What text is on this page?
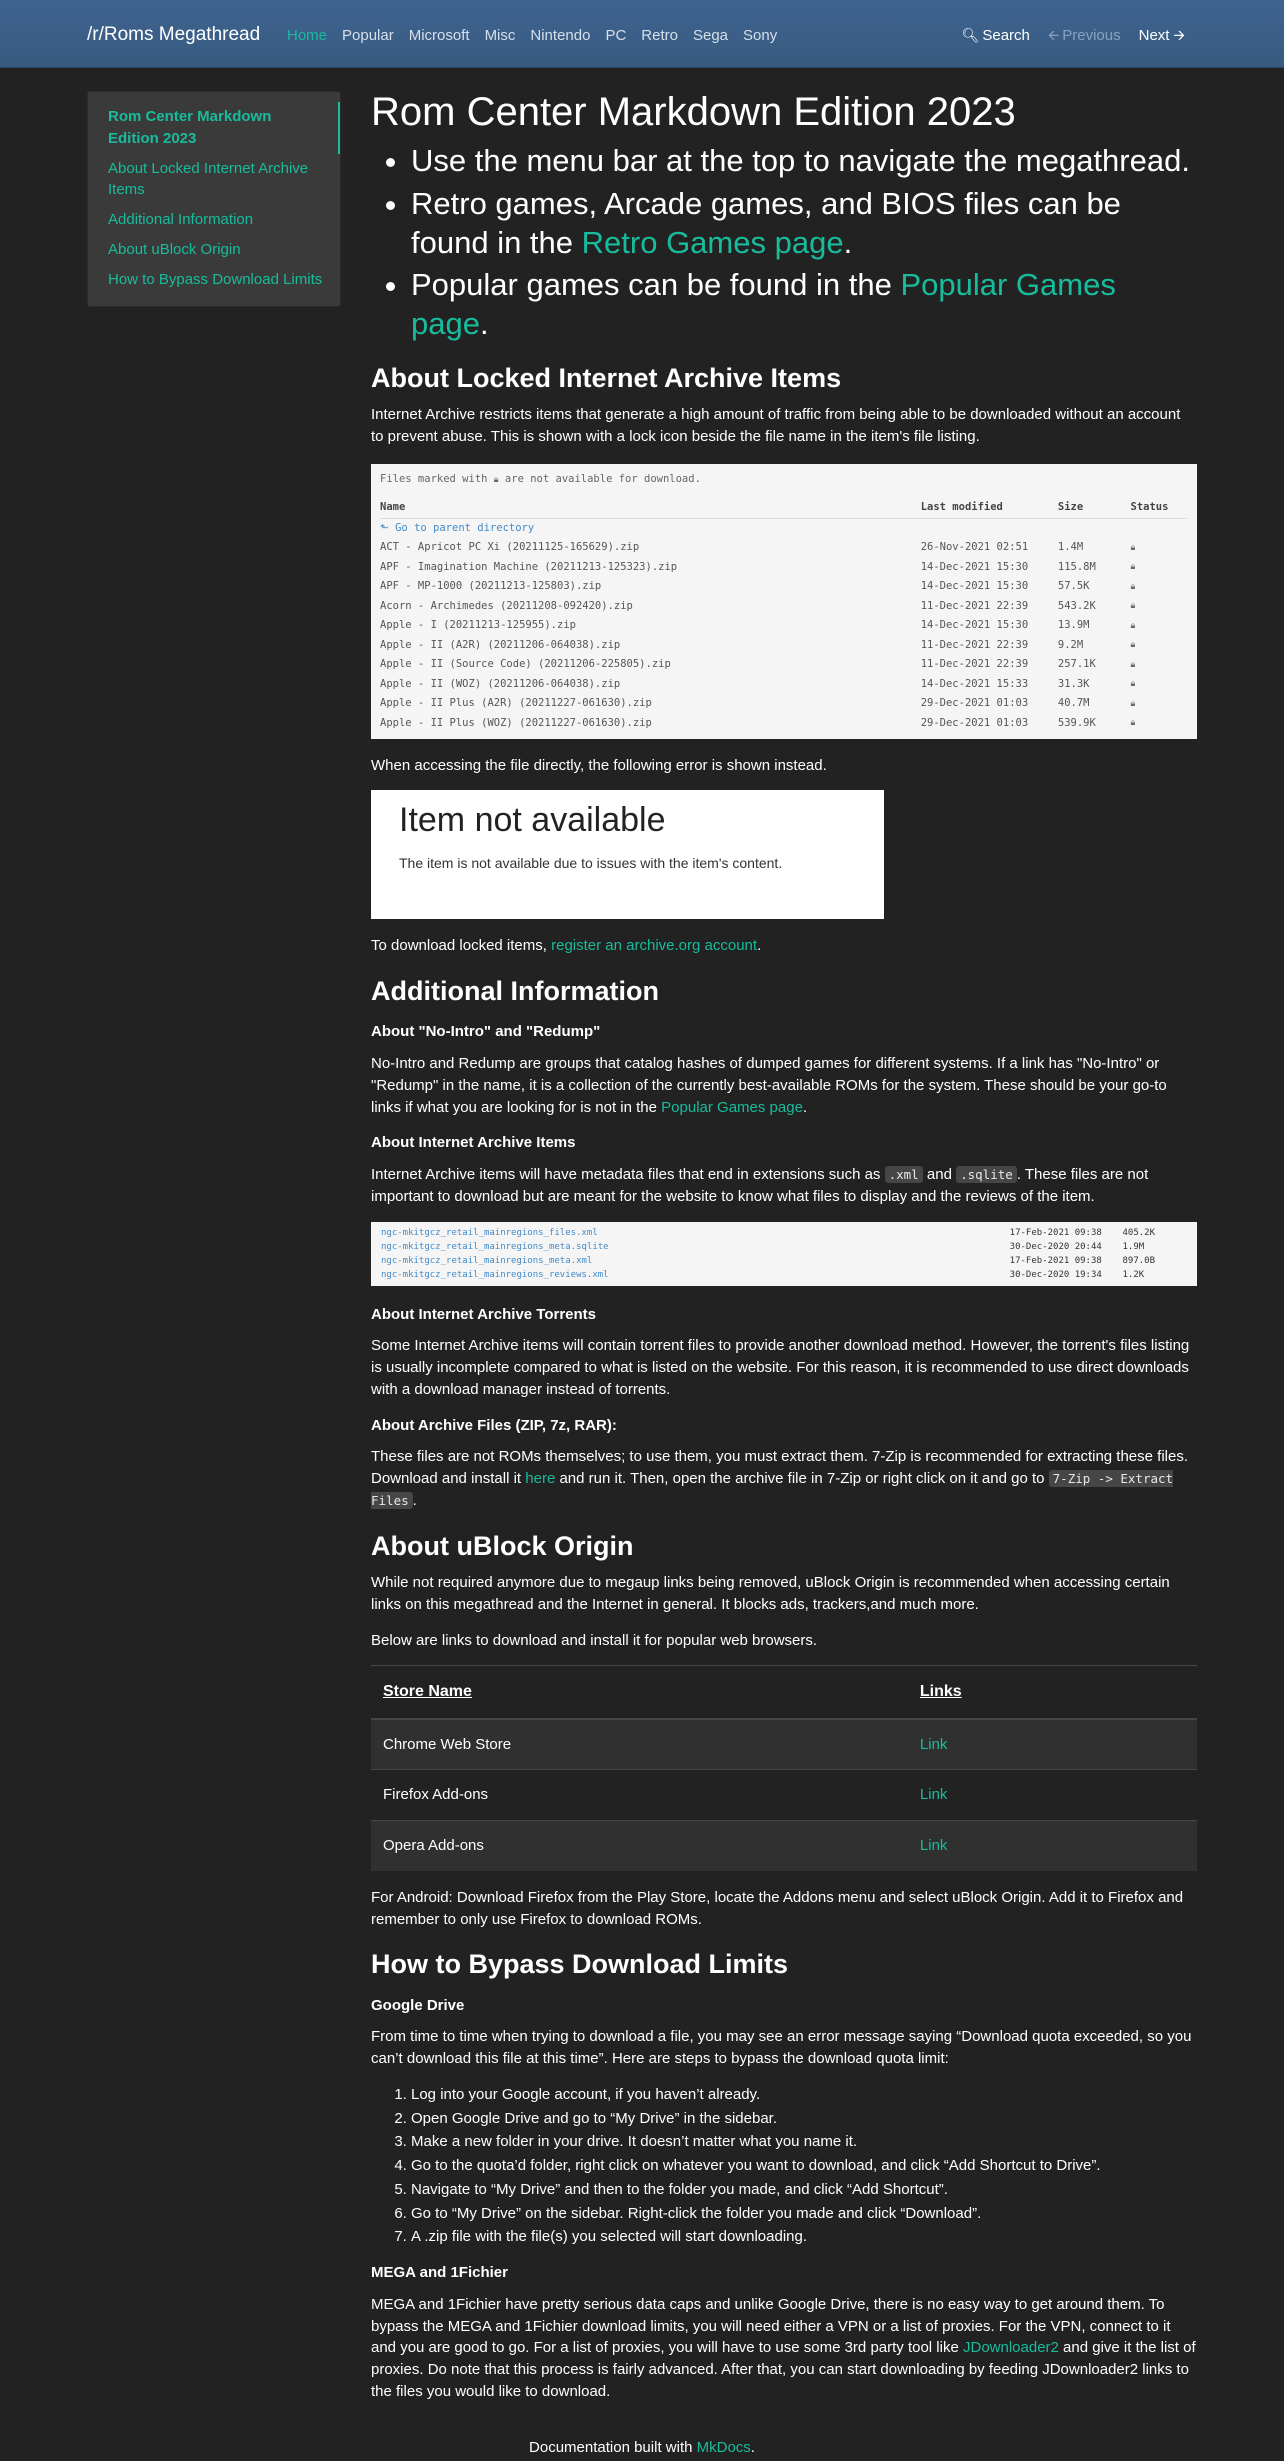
/r/Roms Megathread Home Popular Microsoft Misc Nintendo PC Retro Sega Sony	🔍︎ Search 🡨 Previous Next 🡪
Rom Center Markdown Edition 2023
About Locked Internet Archive Items
Additional Information
About uBlock Origin
How to Bypass Download Limits
Rom Center Markdown Edition 2023
• Use the menu bar at the top to navigate the megathread.
• Retro games, Arcade games, and BIOS files can be found in the Retro Games page.
• Popular games can be found in the Popular Games page.
About Locked Internet Archive Items

Internet Archive restricts items that generate a high amount of traffic from being able to be downloaded without an account to prevent abuse. This is shown with a lock icon beside the file name in the item's file listing.

Files marked with 🔒︎ are not available for download.
Name	Last modified	Size	Status
⬑ Go to parent directory			
ACT - Apricot PC Xi (20211125-165629).zip	26-Nov-2021 02:51	1.4M	🔒︎
APF - Imagination Machine (20211213-125323).zip	14-Dec-2021 15:30	115.8M	🔒︎
APF - MP-1000 (20211213-125803).zip	14-Dec-2021 15:30	57.5K	🔒︎
Acorn - Archimedes (20211208-092420).zip	11-Dec-2021 22:39	543.2K	🔒︎
Apple - I (20211213-125955).zip	14-Dec-2021 15:30	13.9M	🔒︎
Apple - II (A2R) (20211206-064038).zip	11-Dec-2021 22:39	9.2M	🔒︎
Apple - II (Source Code) (20211206-225805).zip	11-Dec-2021 22:39	257.1K	🔒︎
Apple - II (WOZ) (20211206-064038).zip	14-Dec-2021 15:33	31.3K	🔒︎
Apple - II Plus (A2R) (20211227-061630).zip	29-Dec-2021 01:03	40.7M	🔒︎
Apple - II Plus (WOZ) (20211227-061630).zip	29-Dec-2021 01:03	539.9K	🔒︎

When accessing the file directly, the following error is shown instead.

Item not available
The item is not available due to issues with the item's content.

To download locked items, register an archive.org account.

Additional Information
About "No-Intro" and "Redump"

No-Intro and Redump are groups that catalog hashes of dumped games for different systems. If a link has "No-Intro" or "Redump" in the name, it is a collection of the currently best-available ROMs for the system. These should be your go-to links if what you are looking for is not in the Popular Games page.

About Internet Archive Items

Internet Archive items will have metadata files that end in extensions such as .xml and .sqlite . These files are not important to download but are meant for the website to know what files to display and the reviews of the item.

ngc-mkitgcz_retail_mainregions_files.xml	17-Feb-2021 09:38	405.2K
ngc-mkitgcz_retail_mainregions_meta.sqlite	30-Dec-2020 20:44	1.9M
ngc-mkitgcz_retail_mainregions_meta.xml	17-Feb-2021 09:38	897.0B
ngc-mkitgcz_retail_mainregions_reviews.xml	30-Dec-2020 19:34	1.2K
About Internet Archive Torrents

Some Internet Archive items will contain torrent files to provide another download method. However, the torrent's files listing is usually incomplete compared to what is listed on the website. For this reason, it is recommended to use direct downloads with a download manager instead of torrents.

About Archive Files (ZIP, 7z, RAR):

These files are not ROMs themselves; to use them, you must extract them. 7-Zip is recommended for extracting these files. Download and install it here and run it. Then, open the archive file in 7-Zip or right click on it and go to 7-Zip -> Extract Files .

About uBlock Origin

While not required anymore due to megaup links being removed, uBlock Origin is recommended when accessing certain links on this megathread and the Internet in general. It blocks ads, trackers,and much more.

Below are links to download and install it for popular web browsers.

Store Name	Links
Chrome Web Store	Link
Firefox Add-ons	Link
Opera Add-ons	Link

For Android: Download Firefox from the Play Store, locate the Addons menu and select uBlock Origin. Add it to Firefox and remember to only use Firefox to download ROMs.

How to Bypass Download Limits
Google Drive

From time to time when trying to download a file, you may see an error message saying “Download quota exceeded, so you can’t download this file at this time”. Here are steps to bypass the download quota limit:

1. Log into your Google account, if you haven’t already.
2. Open Google Drive and go to “My Drive” in the sidebar.
3. Make a new folder in your drive. It doesn’t matter what you name it.
4. Go to the quota’d folder, right click on whatever you want to download, and click “Add Shortcut to Drive”.
5. Navigate to “My Drive” and then to the folder you made, and click “Add Shortcut”.
6. Go to “My Drive” on the sidebar. Right-click the folder you made and click “Download”.
7. A .zip file with the file(s) you selected will start downloading.
MEGA and 1Fichier

MEGA and 1Fichier have pretty serious data caps and unlike Google Drive, there is no easy way to get around them. To bypass the MEGA and 1Fichier download limits, you will need either a VPN or a list of proxies. For the VPN, connect to it and you are good to go. For a list of proxies, you will have to use some 3rd party tool like JDownloader2 and give it the list of proxies. Do note that this process is fairly advanced. After that, you can start downloading by feeding JDownloader2 links to the files you would like to download.

Documentation built with MkDocs.
